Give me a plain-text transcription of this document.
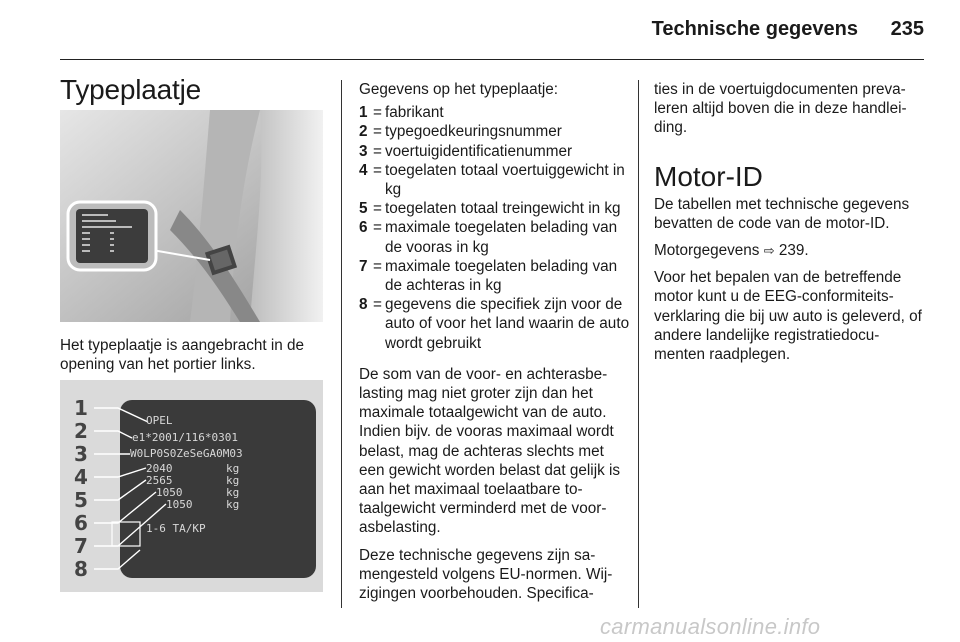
Technische gegevens	235
Typeplaatje
Het typeplaatje is aangebracht in de opening van het portier links.
1
2
3
4
5
6
7
8
OPEL
e1*2001/116*0301
W0LP0S0ZeSeGA0M03
2040
2565
1050
1050
kg
kg
kg
kg
1-6 TA/KP

Gegevens op het typeplaatje:

1 = fabrikant
2 = typegoedkeuringsnummer
3 = voertuigidentificatienummer
4 = toegelaten totaal voertuiggewicht in kg
5 = toegelaten totaal treingewicht in kg
6 = maximale toegelaten belading van de vooras in kg
7 = maximale toegelaten belading van de achteras in kg
8 = gegevens die specifiek zijn voor de auto of voor het land waarin de auto wordt gebruikt

De som van de voor- en achterasbe-lasting mag niet groter zijn dan het maximale totaalgewicht van de auto. Indien bijv. de vooras maximaal wordt belast, mag de achteras slechts met een gewicht worden belast dat gelijk is aan het maximaal toelaatbare to-taalgewicht verminderd met de voor-asbelasting.

Deze technische gegevens zijn sa-mengesteld volgens EU-normen. Wij-zigingen voorbehouden. Specifica-

ties in de voertuigdocumenten preva-leren altijd boven die in deze handlei-ding.

Motor-ID

De tabellen met technische gegevens bevatten de code van de motor-ID.

Motorgegevens ⇨ 239.

Voor het bepalen van de betreffende motor kunt u de EEG-conformiteits-verklaring die bij uw auto is geleverd, of andere landelijke registratiedocu-menten raadplegen.

carmanualsonline.info
